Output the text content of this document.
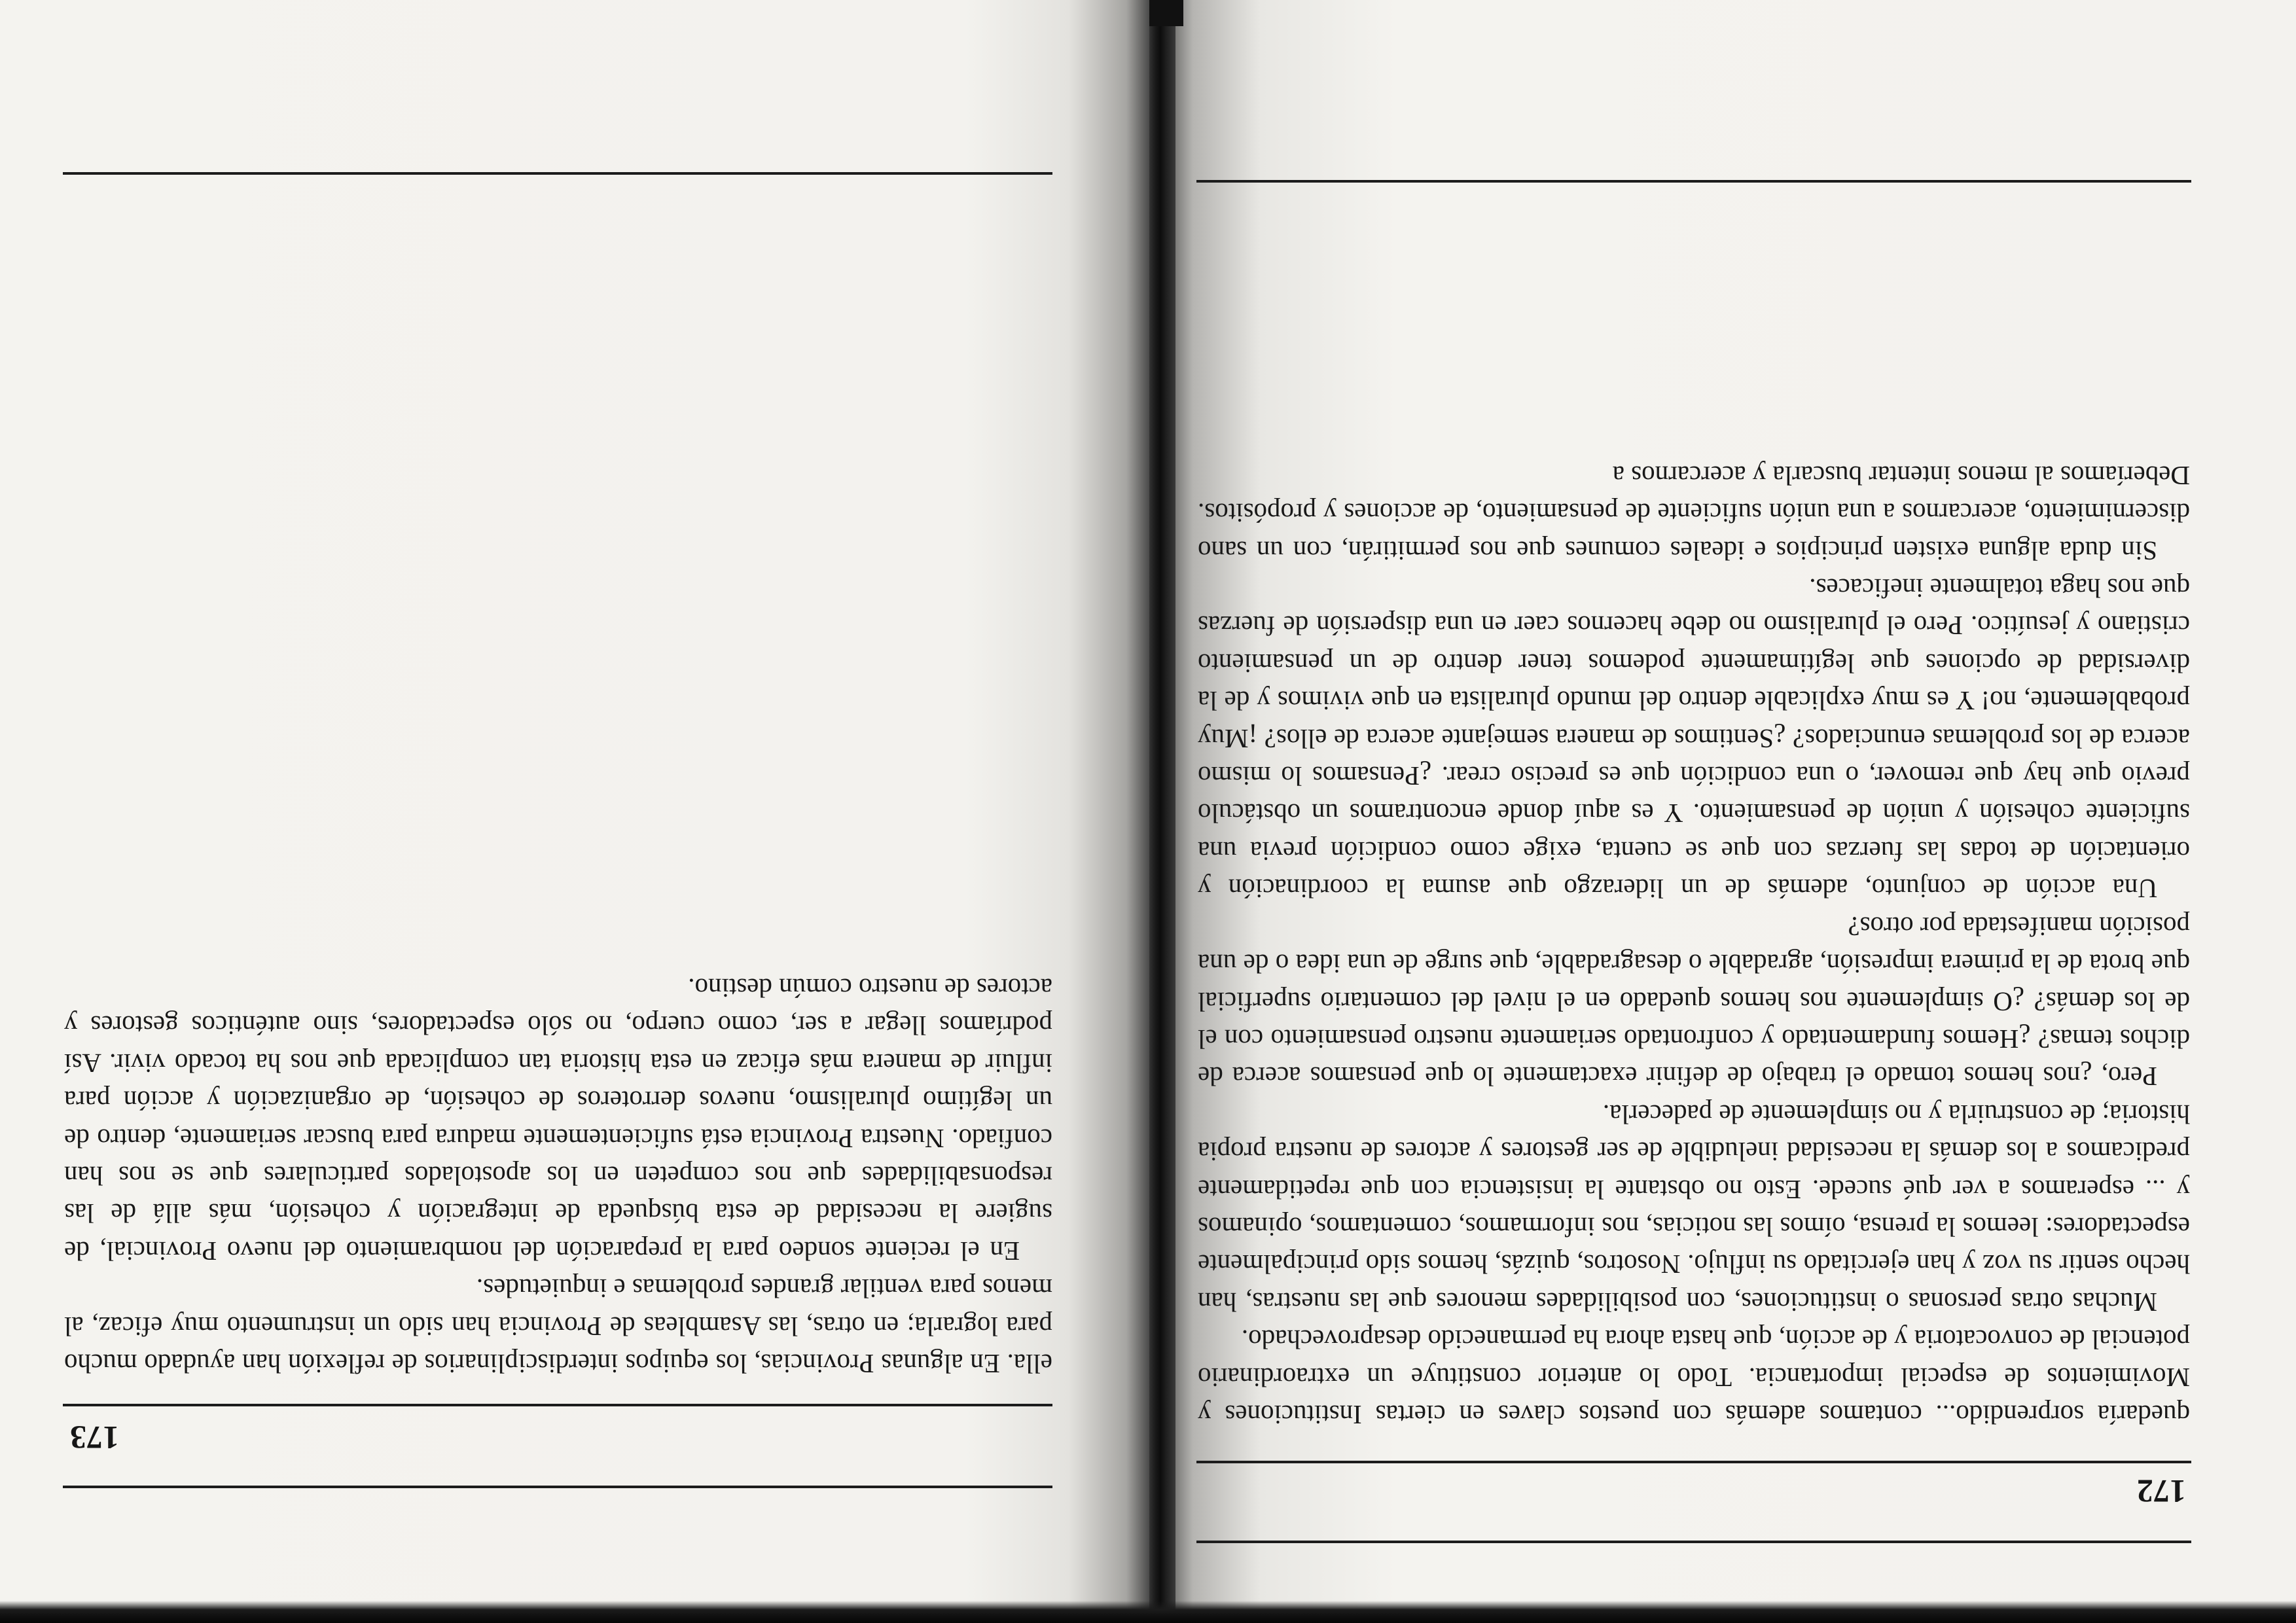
172

quedaría sorprendido... contamos además con puestos claves en ciertas Instituciones y Movimientos de especial importancia. Todo lo anterior constituye un extraordinario potencial de convocatoria y de acción, que hasta ahora ha permanecido desaprovechado.

Muchas otras personas o instituciones, con posibilidades menores que las nuestras, han hecho sentir su voz y han ejercitado su influjo. Nosotros, quizás, hemos sido principalmente espectadores: leemos la prensa, oímos las noticias, nos informamos, comentamos, opinamos y ... esperamos a ver qué sucede. Esto no obstante la insistencia con que repetidamente predicamos a los demás la necesidad ineludible de ser gestores y actores de nuestra propia historia; de construirla y no simplemente de padecerla.

Pero, ¿nos hemos tomado el trabajo de definir exactamente lo que pensamos acerca de dichos temas? ¿Hemos fundamentado y confrontado seriamente nuestro pensamiento con el de los demás? ¿O simplemente nos hemos quedado en el nivel del comentario superficial que brota de la primera impresión, agradable o desagradable, que surge de una idea o de una posición manifestada por otros?

Una acción de conjunto, además de un liderazgo que asuma la coordinación y orientación de todas las fuerzas con que se cuenta, exige como condición previa una suficiente cohesión y unión de pensamiento. Y es aquí donde encontramos un obstáculo previo que hay que remover, o una condición que es preciso crear. ¿Pensamos lo mismo acerca de los problemas enunciados? ¿Sentimos de manera semejante acerca de ellos? ¡Muy probablemente, no! Y es muy explicable dentro del mundo pluralista en que vivimos y de la diversidad de opciones que legítimamente podemos tener dentro de un pensamiento cristiano y jesuítico. Pero el pluralismo no debe hacernos caer en una dispersión de fuerzas que nos haga totalmente ineficaces.

Sin duda alguna existen principios e ideales comunes que nos permitirán, con un sano discernimiento, acercarnos a una unión suficiente de pensamiento, de acciones y propósitos. Deberíamos al menos intentar buscarla y acercarnos a

173

ella. En algunas Provincias, los equipos interdisciplinarios de reflexión han ayudado mucho para lograrla; en otras, las Asambleas de Provincia han sido un instrumento muy eficaz, al menos para ventilar grandes problemas e inquietudes.

En el reciente sondeo para la preparación del nombramiento del nuevo Provincial, de sugiere la necesidad de esta búsqueda de integración y cohesión, más allá de las responsabilidades que nos competen en los apostolados particulares que se nos han confiado. Nuestra Provincia está suficientemente madura para buscar seriamente, dentro de un legítimo pluralismo, nuevos derroteros de cohesión, de organización y acción para influir de manera más eficaz en esta historia tan complicada que nos ha tocado vivir. Así podríamos llegar a ser, como cuerpo, no sólo espectadores, sino auténticos gestores y actores de nuestro común destino.
